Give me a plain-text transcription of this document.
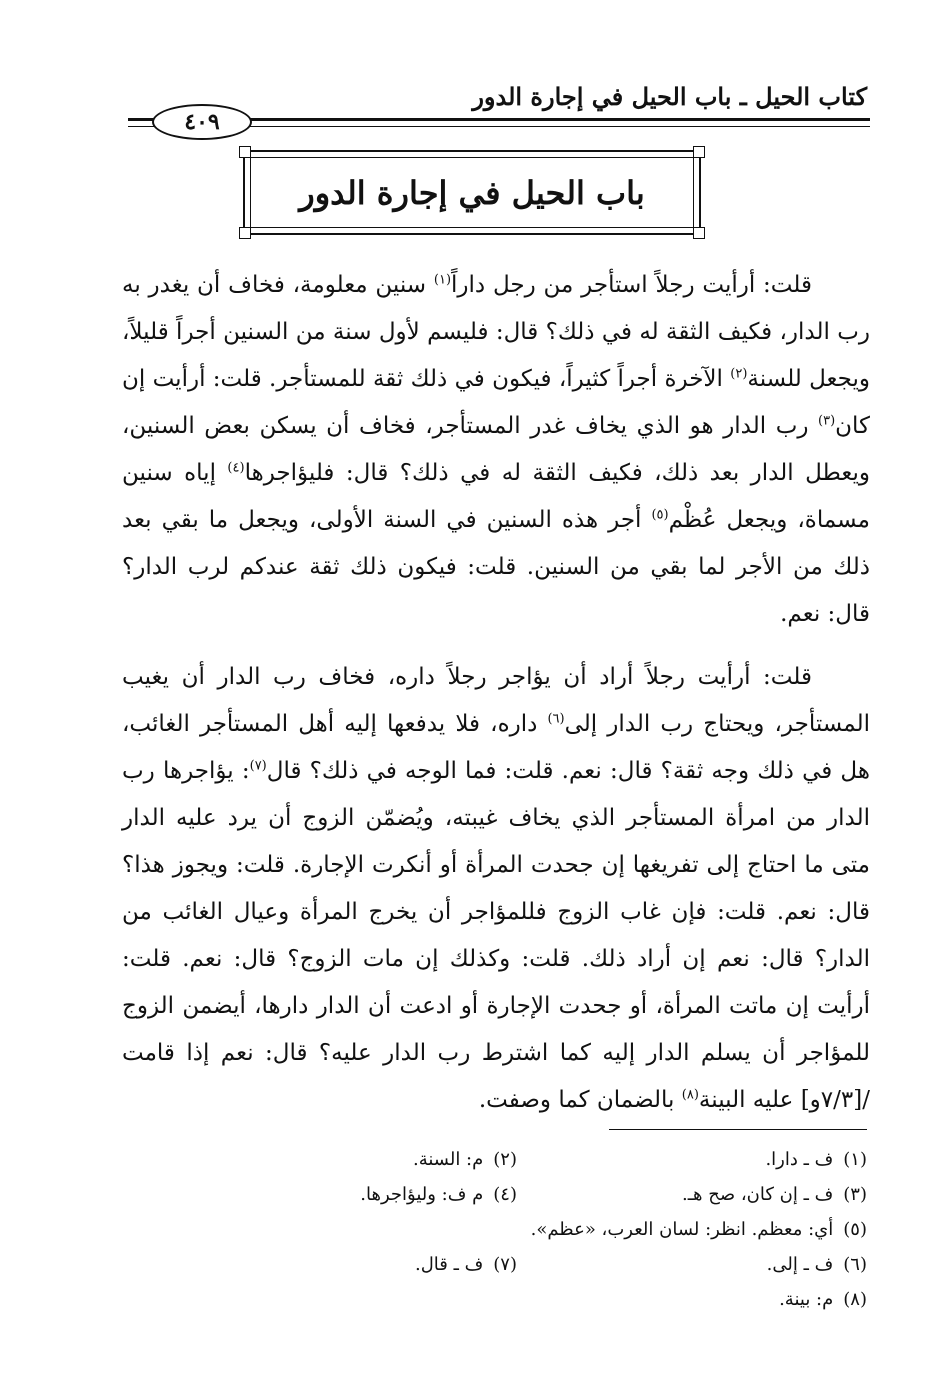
كتاب الحيل ـ باب الحيل في إجارة الدور
٤٠٩
باب الحيل في إجارة الدور

قلت: أرأيت رجلاً استأجر من رجل داراً$^{(١)}$ سنين معلومة، فخاف أن يغدر به رب الدار، فكيف الثقة له في ذلك؟ قال: فليسم لأول سنة من السنين أجراً قليلاً، ويجعل للسنة$^{(٢)}$ الآخرة أجراً كثيراً، فيكون في ذلك ثقة للمستأجر. قلت: أرأيت إن كان$^{(٣)}$ رب الدار هو الذي يخاف غدر المستأجر، فخاف أن يسكن بعض السنين، ويعطل الدار بعد ذلك، فكيف الثقة له في ذلك؟ قال: فليؤاجرها$^{(٤)}$ إياه سنين مسماة، ويجعل عُظْم$^{(٥)}$ أجر هذه السنين في السنة الأولى، ويجعل ما بقي بعد ذلك من الأجر لما بقي من السنين. قلت: فيكون ذلك ثقة عندكم لرب الدار؟ قال: نعم.

قلت: أرأيت رجلاً أراد أن يؤاجر رجلاً داره، فخاف رب الدار أن يغيب المستأجر، ويحتاج رب الدار إلى$^{(٦)}$ داره، فلا يدفعها إليه أهل المستأجر الغائب، هل في ذلك وجه ثقة؟ قال: نعم. قلت: فما الوجه في ذلك؟ قال$^{(٧)}$: يؤاجرها رب الدار من امرأة المستأجر الذي يخاف غيبته، ويُضمّن الزوج أن يرد عليه الدار متى ما احتاج إلى تفريغها إن جحدت المرأة أو أنكرت الإجارة. قلت: ويجوز هذا؟ قال: نعم. قلت: فإن غاب الزوج فللمؤاجر أن يخرج المرأة وعيال الغائب من الدار؟ قال: نعم إن أراد ذلك. قلت: وكذلك إن مات الزوج؟ قال: نعم. قلت: أرأيت إن ماتت المرأة، أو جحدت الإجارة أو ادعت أن الدار دارها، أيضمن الزوج للمؤاجر أن يسلم الدار إليه كما اشترط رب الدار عليه؟ قال: نعم إذا قامت /[٧/٣و] عليه البينة$^{(٨)}$ بالضمان كما وصفت.

(١)ف ـ دارا.
(٢)م: السنة.
(٣)ف ـ إن كان، صح هـ.
(٤)م ف: وليؤاجرها.
(٥)أي: معظم. انظر: لسان العرب، «عظم».
(٦)ف ـ إلى.
(٧)ف ـ قال.
(٨)م: بينة.
